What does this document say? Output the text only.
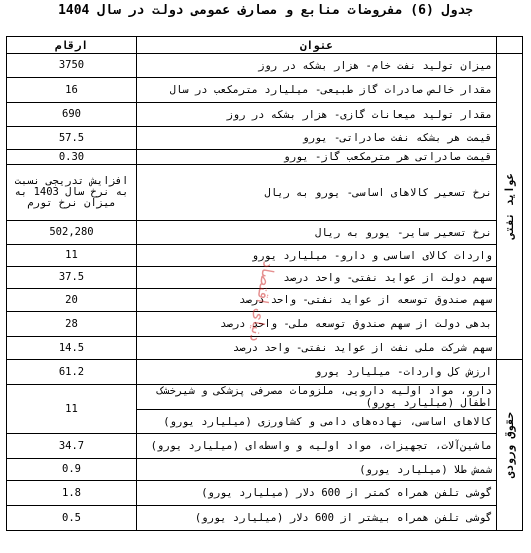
جدول (6) مفروضات منابع و مصارف عمومی دولت در سال 1404
	عنوان	ارقام

عواید نفتی	میزان تولید نفت خام- هزار بشکه در روز	3750
	مقدار خالص صادرات گاز طبیعی- میلیارد مترمکعب در سال	16
	مقدار تولید میعانات گازی- هزار بشکه در روز	690
	قیمت هر بشکه نفت صادراتی- یورو	57.5
	قیمت صادراتی هر مترمکعب گاز- یورو	0.30
	نرخ تسعیر کالاهای اساسی- یورو به ریال	افزایش تدریجی نسبت به نرخ سال 1403 به میزان نرخ تورم
	نرخ تسعیر سایر- یورو به ریال	502,280
	واردات کالای اساسی و دارو- میلیارد یورو	11
	سهم دولت از عواید نفتی- واحد درصد	37.5
	سهم صندوق توسعه از عواید نفتی- واحد درصد	20
	بدهی دولت از سهم صندوق توسعه ملی- واحد درصد	28
	سهم شرکت ملی نفت از عواید نفتی- واحد درصد	14.5

حقوق ورودی	ارزش کل واردات- میلیارد یورو	61.2
	دارو، مواد اولیه دارویی، ملزومات مصرفی پزشکی و شیرخشک اطفال (میلیارد یورو)	11
	کالاهای اساسی، نهاده‌های دامی و کشاورزی (میلیارد یورو)	
	ماشین‌آلات، تجهیزات، مواد اولیه و واسطه‌ای (میلیارد یورو)	34.7
	شمش طلا (میلیارد یورو)	0.9
	گوشی تلفن همراه کمتر از 600 دلار (میلیارد یورو)	1.8
	گوشی تلفن همراه بیشتر از 600 دلار (میلیارد یورو)	0.5
دنیای اقتصاد
